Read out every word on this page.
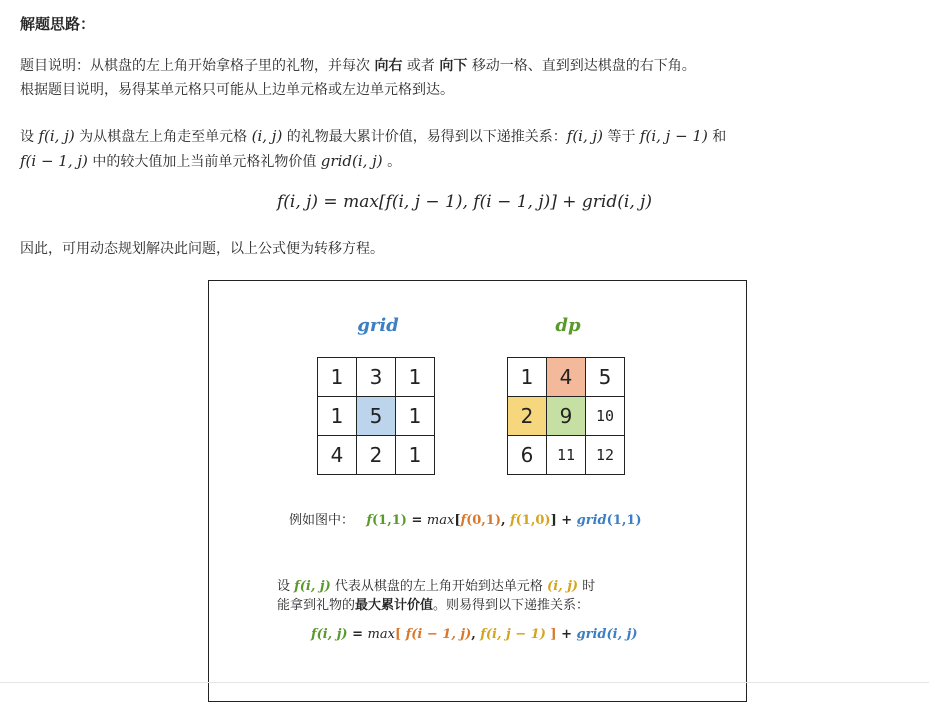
解题思路：
题目说明：从棋盘的左上角开始拿格子里的礼物，并每次 向右 或者 向下 移动一格、直到到达棋盘的右下角。
根据题目说明，易得某单元格只可能从上边单元格或左边单元格到达。
设 f(i, j) 为从棋盘左上角走至单元格 (i, j) 的礼物最大累计价值，易得到以下递推关系：f(i, j) 等于 f(i, j − 1) 和
f(i − 1, j) 中的较大值加上当前单元格礼物价值 grid(i, j) 。
f(i, j) = max[f(i, j − 1), f(i − 1, j)] + grid(i, j)
因此，可用动态规划解决此问题，以上公式便为转移方程。
grid	dp
1	3	1
1	5	1
4	2	1
1	4	5
2	9	10
6	11	12
例如图中： f(1,1) = max[f(0,1), f(1,0)] + grid(1,1)
设 f(i, j) 代表从棋盘的左上角开始到达单元格 (i, j) 时
能拿到礼物的最大累计价值。则易得到以下递推关系：
f(i, j) = max[ f(i − 1, j), f(i, j − 1) ] + grid(i, j)
